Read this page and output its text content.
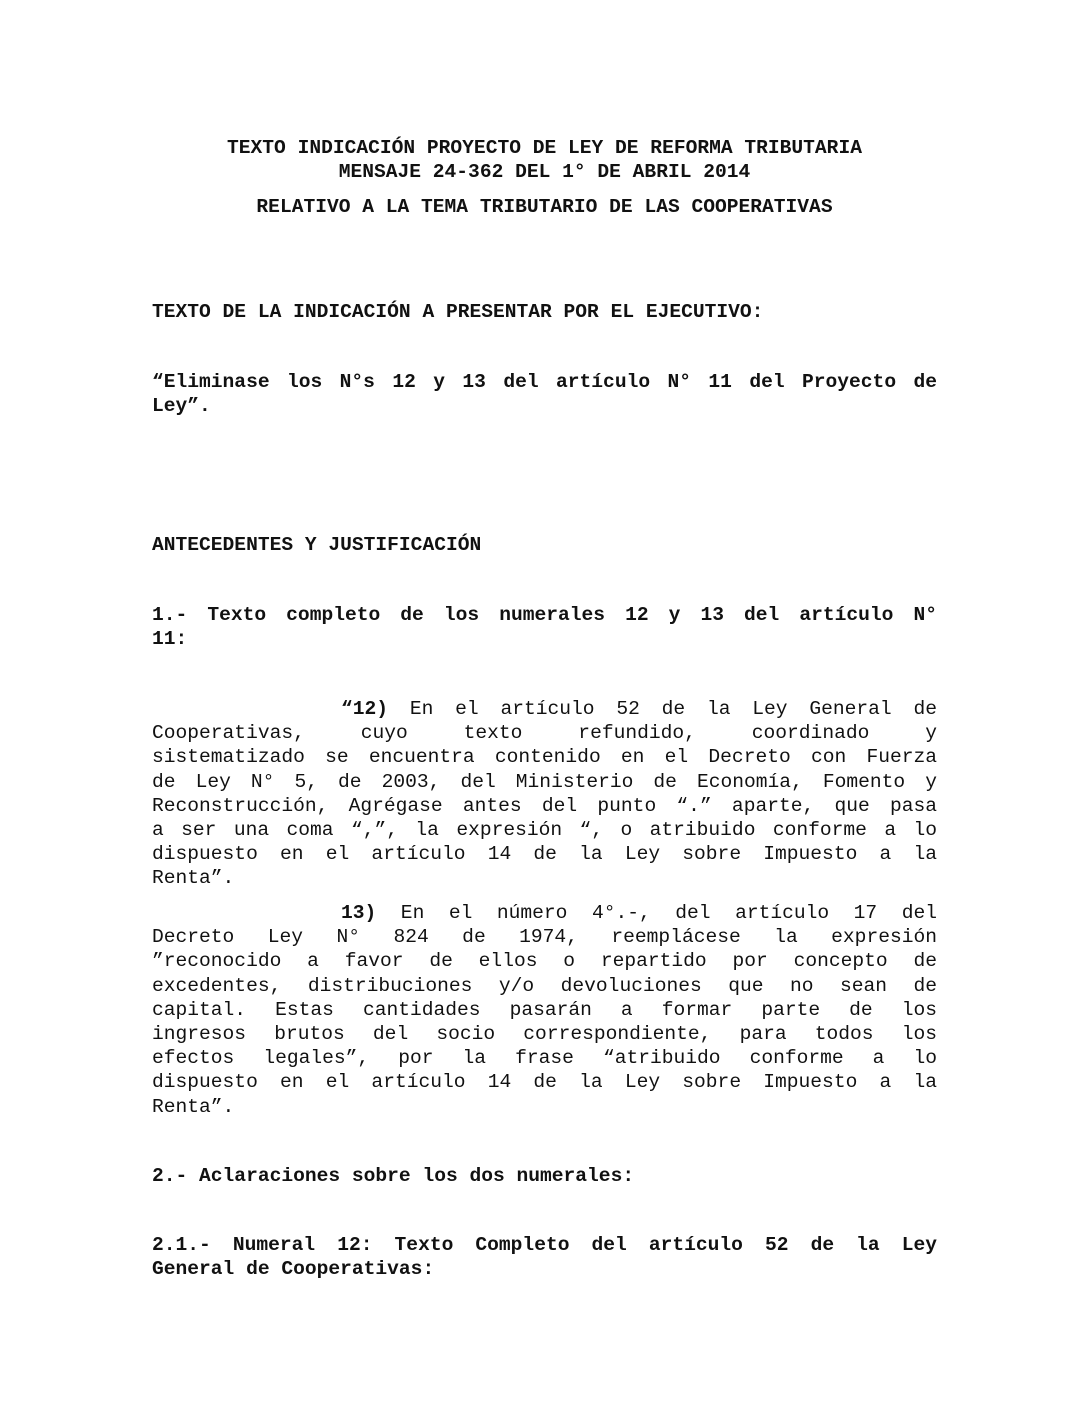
TEXTO INDICACIÓN PROYECTO DE LEY DE REFORMA TRIBUTARIA
MENSAJE 24-362 DEL 1° DE ABRIL 2014
RELATIVO A LA TEMA TRIBUTARIO DE LAS COOPERATIVAS
TEXTO DE LA INDICACIÓN A PRESENTAR POR EL EJECUTIVO:
“Eliminase los N°s 12 y 13 del artículo N° 11 del Proyecto de
Ley”.
ANTECEDENTES Y JUSTIFICACIÓN
1.- Texto completo de los numerales 12 y 13 del artículo N°
11:
“12) En el artículo 52 de la Ley General de
Cooperativas, cuyo texto refundido, coordinado y
sistematizado se encuentra contenido en el Decreto con Fuerza
de Ley N° 5, de 2003, del Ministerio de Economía, Fomento y
Reconstrucción, Agrégase antes del punto “.” aparte, que pasa
a ser una coma “,”, la expresión “, o atribuido conforme a lo
dispuesto en el artículo 14 de la Ley sobre Impuesto a la
Renta”.
13) En el número 4°.-, del artículo 17 del
Decreto Ley N° 824 de 1974, reemplácese la expresión
”reconocido a favor de ellos o repartido por concepto de
excedentes, distribuciones y/o devoluciones que no sean de
capital. Estas cantidades pasarán a formar parte de los
ingresos brutos del socio correspondiente, para todos los
efectos legales”, por la frase “atribuido conforme a lo
dispuesto en el artículo 14 de la Ley sobre Impuesto a la
Renta”.
2.- Aclaraciones sobre los dos numerales:
2.1.- Numeral 12: Texto Completo del artículo 52 de la Ley
General de Cooperativas:
